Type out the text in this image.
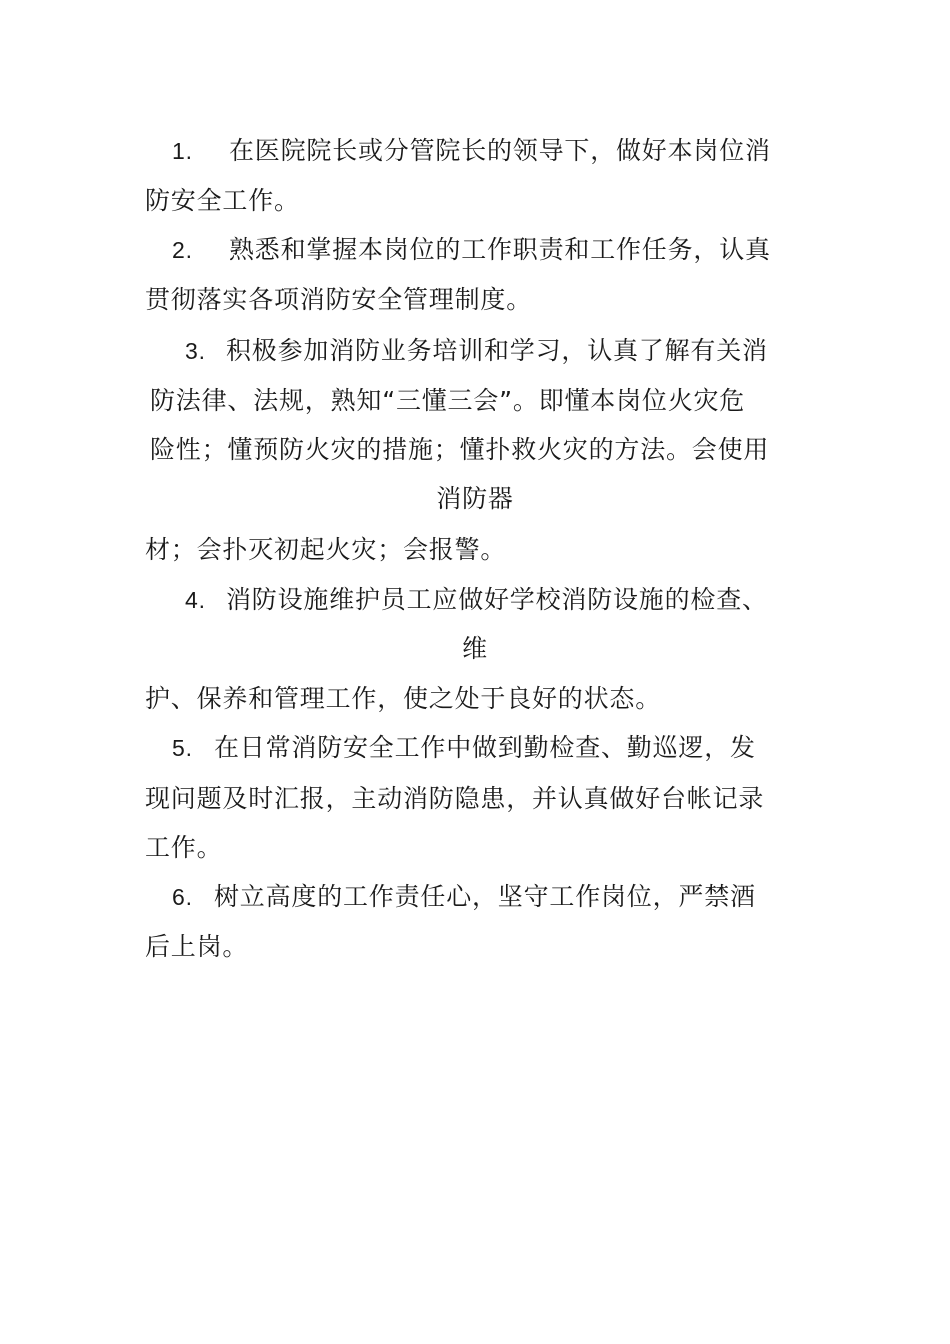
1. 在医院院长或分管院长的领导下，做好本岗位消
防安全工作。
2. 熟悉和掌握本岗位的工作职责和工作任务，认真
贯彻落实各项消防安全管理制度。
3. 积极参加消防业务培训和学习，认真了解有关消
防法律、法规，熟知“三懂三会”。即懂本岗位火灾危
险性；懂预防火灾的措施；懂扑救火灾的方法。会使用
消防器
材；会扑灭初起火灾；会报警。
4. 消防设施维护员工应做好学校消防设施的检查、
维
护、保养和管理工作，使之处于良好的状态。
5. 在日常消防安全工作中做到勤检查、勤巡逻，发
现问题及时汇报，主动消防隐患，并认真做好台帐记录
工作。
6. 树立高度的工作责任心，坚守工作岗位，严禁酒
后上岗。
